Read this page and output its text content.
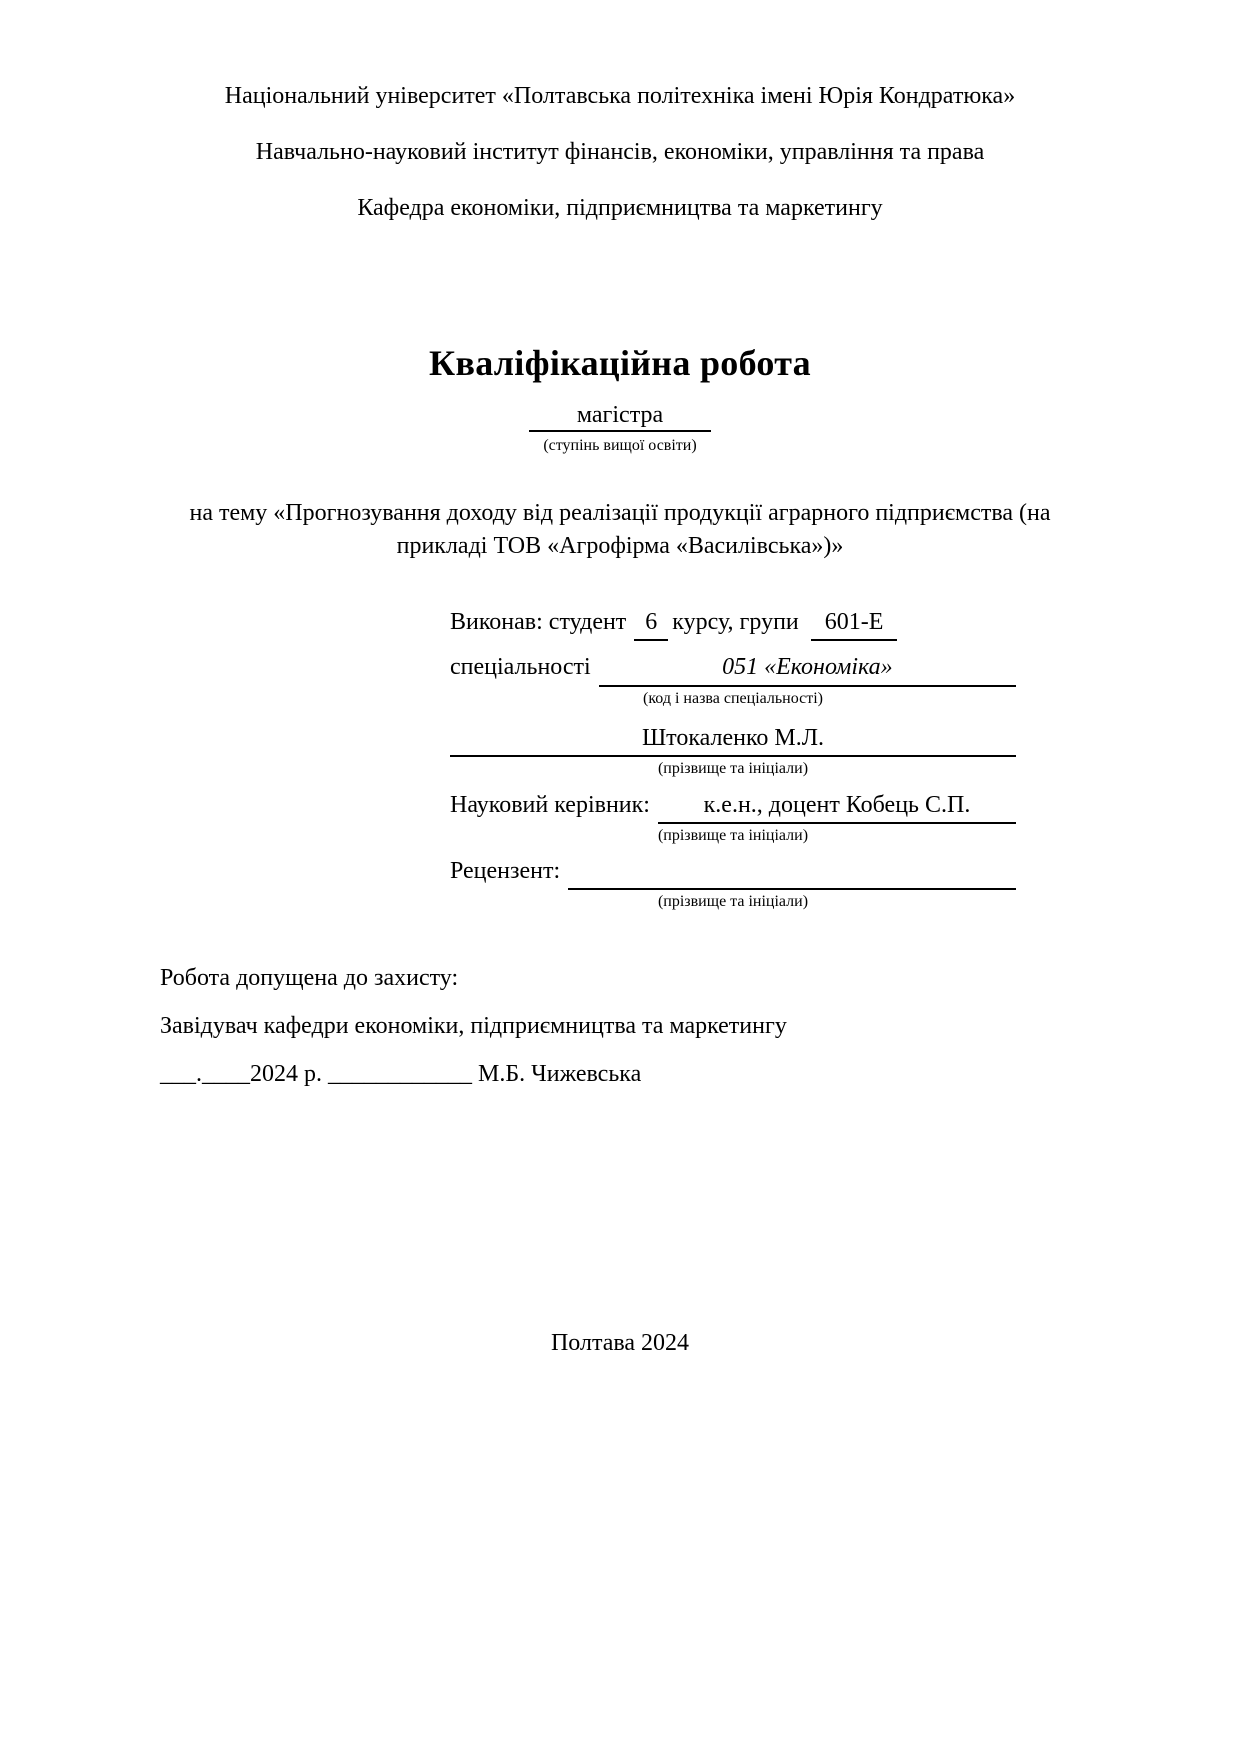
Національний університет «Полтавська політехніка імені Юрія Кондратюка»
Навчально-науковий інститут фінансів, економіки, управління та права
Кафедра економіки, підприємництва та маркетингу
Кваліфікаційна робота
магістра
(ступінь вищої освіти)
на тему «Прогнозування доходу від реалізації продукції аграрного підприємства (на прикладі ТОВ «Агрофірма «Василівська»)»
Виконав: студент 6 курсу, групи	601-Е
спеціальності	051 «Економіка»
(код і назва спеціальності)
Штокаленко М.Л.
(прізвище та ініціали)
Науковий керівник:	к.е.н., доцент Кобець С.П.
(прізвище та ініціали)
Рецензент:

(прізвище та ініціали)
Робота допущена до захисту:
Завідувач кафедри економіки, підприємництва та маркетингу
___.____2024 р. ____________ М.Б. Чижевська
Полтава 2024
